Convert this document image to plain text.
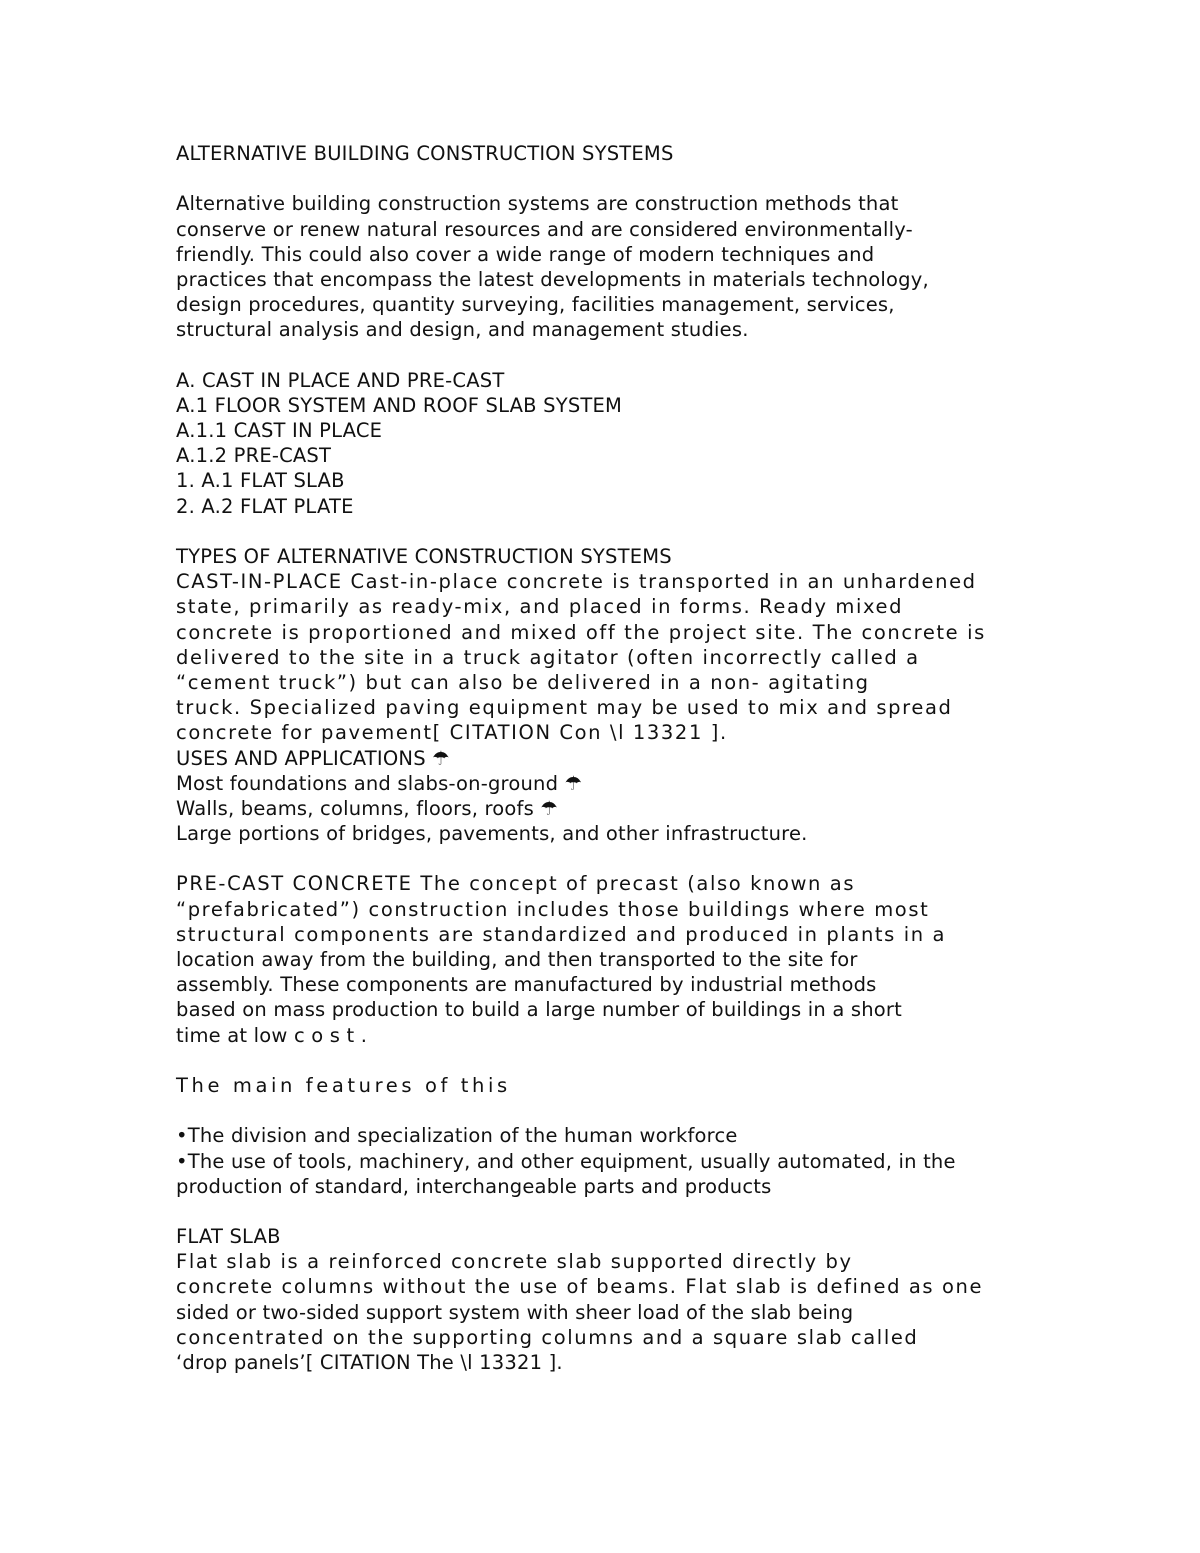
ALTERNATIVE BUILDING CONSTRUCTION SYSTEMS
Alternative building construction systems are construction methods that
conserve or renew natural resources and are considered environmentally-
friendly. This could also cover a wide range of modern techniques and
practices that encompass the latest developments in materials technology,
design procedures, quantity surveying, facilities management, services,
structural analysis and design, and management studies.
A. CAST IN PLACE AND PRE-CAST
A.1 FLOOR SYSTEM AND ROOF SLAB SYSTEM
A.1.1 CAST IN PLACE
A.1.2 PRE-CAST
1. A.1 FLAT SLAB
2. A.2 FLAT PLATE
TYPES OF ALTERNATIVE CONSTRUCTION SYSTEMS
CAST-IN-PLACE Cast-in-place concrete is transported in an unhardened
state, primarily as ready-mix, and placed in forms. Ready mixed
concrete is proportioned and mixed off the project site. The concrete is
delivered to the site in a truck agitator (often incorrectly called a
“cement truck”) but can also be delivered in a non- agitating
truck. Specialized paving equipment may be used to mix and spread
concrete for pavement[ CITATION Con \l 13321 ].
USES AND APPLICATIONS ☂
Most foundations and slabs-on-ground ☂
Walls, beams, columns, floors, roofs ☂
Large portions of bridges, pavements, and other infrastructure.
PRE-CAST CONCRETE The concept of precast (also known as
“prefabricated”) construction includes those buildings where most
structural components are standardized and produced in plants in a
location away from the building, and then transported to the site for
assembly. These components are manufactured by industrial methods
based on mass production to build a large number of buildings in a short
time at low c o s t .
The main features of this
•The division and specialization of the human workforce
•The use of tools, machinery, and other equipment, usually automated, in the
production of standard, interchangeable parts and products
FLAT SLAB
Flat slab is a reinforced concrete slab supported directly by
concrete columns without the use of beams. Flat slab is defined as one
sided or two-sided support system with sheer load of the slab being
concentrated on the supporting columns and a square slab called
‘drop panels’[ CITATION The \l 13321 ].
